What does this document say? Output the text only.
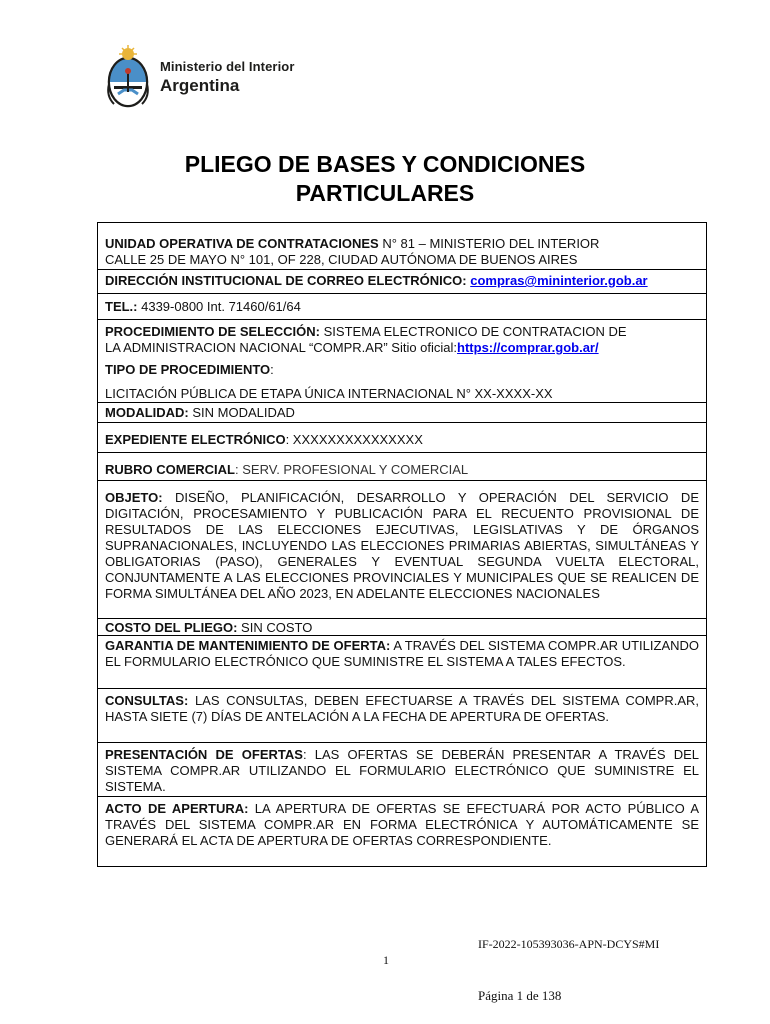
Ministerio del Interior
Argentina
PLIEGO DE BASES Y CONDICIONES
PARTICULARES
UNIDAD OPERATIVA DE CONTRATACIONES N° 81 – MINISTERIO DEL INTERIOR
CALLE 25 DE MAYO N° 101, OF 228, CIUDAD AUTÓNOMA DE BUENOS AIRES
DIRECCIÓN INSTITUCIONAL DE CORREO ELECTRÓNICO: compras@mininterior.gob.ar
TEL.: 4339-0800 Int. 71460/61/64
PROCEDIMIENTO DE SELECCIÓN: SISTEMA ELECTRONICO DE CONTRATACION DE
LA ADMINISTRACION NACIONAL “COMPR.AR” Sitio oficial:https://comprar.gob.ar/
TIPO DE PROCEDIMIENTO:
LICITACIÓN PÚBLICA DE ETAPA ÚNICA INTERNACIONAL N° XX-XXXX-XX
MODALIDAD: SIN MODALIDAD
EXPEDIENTE ELECTRÓNICO: XXXXXXXXXXXXXXX
RUBRO COMERCIAL: SERV. PROFESIONAL Y COMERCIAL
OBJETO: DISEÑO, PLANIFICACIÓN, DESARROLLO Y OPERACIÓN DEL SERVICIO DE DIGITACIÓN, PROCESAMIENTO Y PUBLICACIÓN PARA EL RECUENTO PROVISIONAL DE RESULTADOS DE LAS ELECCIONES EJECUTIVAS, LEGISLATIVAS Y DE ÓRGANOS SUPRANACIONALES, INCLUYENDO LAS ELECCIONES PRIMARIAS ABIERTAS, SIMULTÁNEAS Y OBLIGATORIAS (PASO), GENERALES Y EVENTUAL SEGUNDA VUELTA ELECTORAL, CONJUNTAMENTE A LAS ELECCIONES PROVINCIALES Y MUNICIPALES QUE SE REALICEN DE FORMA SIMULTÁNEA DEL AÑO 2023, EN ADELANTE ELECCIONES NACIONALES
COSTO DEL PLIEGO: SIN COSTO
GARANTIA DE MANTENIMIENTO DE OFERTA: A TRAVÉS DEL SISTEMA COMPR.AR UTILIZANDO EL FORMULARIO ELECTRÓNICO QUE SUMINISTRE EL SISTEMA A TALES EFECTOS.
CONSULTAS: LAS CONSULTAS, DEBEN EFECTUARSE A TRAVÉS DEL SISTEMA COMPR.AR, HASTA SIETE (7) DÍAS DE ANTELACIÓN A LA FECHA DE APERTURA DE OFERTAS.
PRESENTACIÓN DE OFERTAS: LAS OFERTAS SE DEBERÁN PRESENTAR A TRAVÉS DEL SISTEMA COMPR.AR UTILIZANDO EL FORMULARIO ELECTRÓNICO QUE SUMINISTRE EL SISTEMA.
ACTO DE APERTURA: LA APERTURA DE OFERTAS SE EFECTUARÁ POR ACTO PÚBLICO A TRAVÉS DEL SISTEMA COMPR.AR EN FORMA ELECTRÓNICA Y AUTOMÁTICAMENTE SE GENERARÁ EL ACTA DE APERTURA DE OFERTAS CORRESPONDIENTE.
IF-2022-105393036-APN-DCYS#MI
1
Página 1 de 138
